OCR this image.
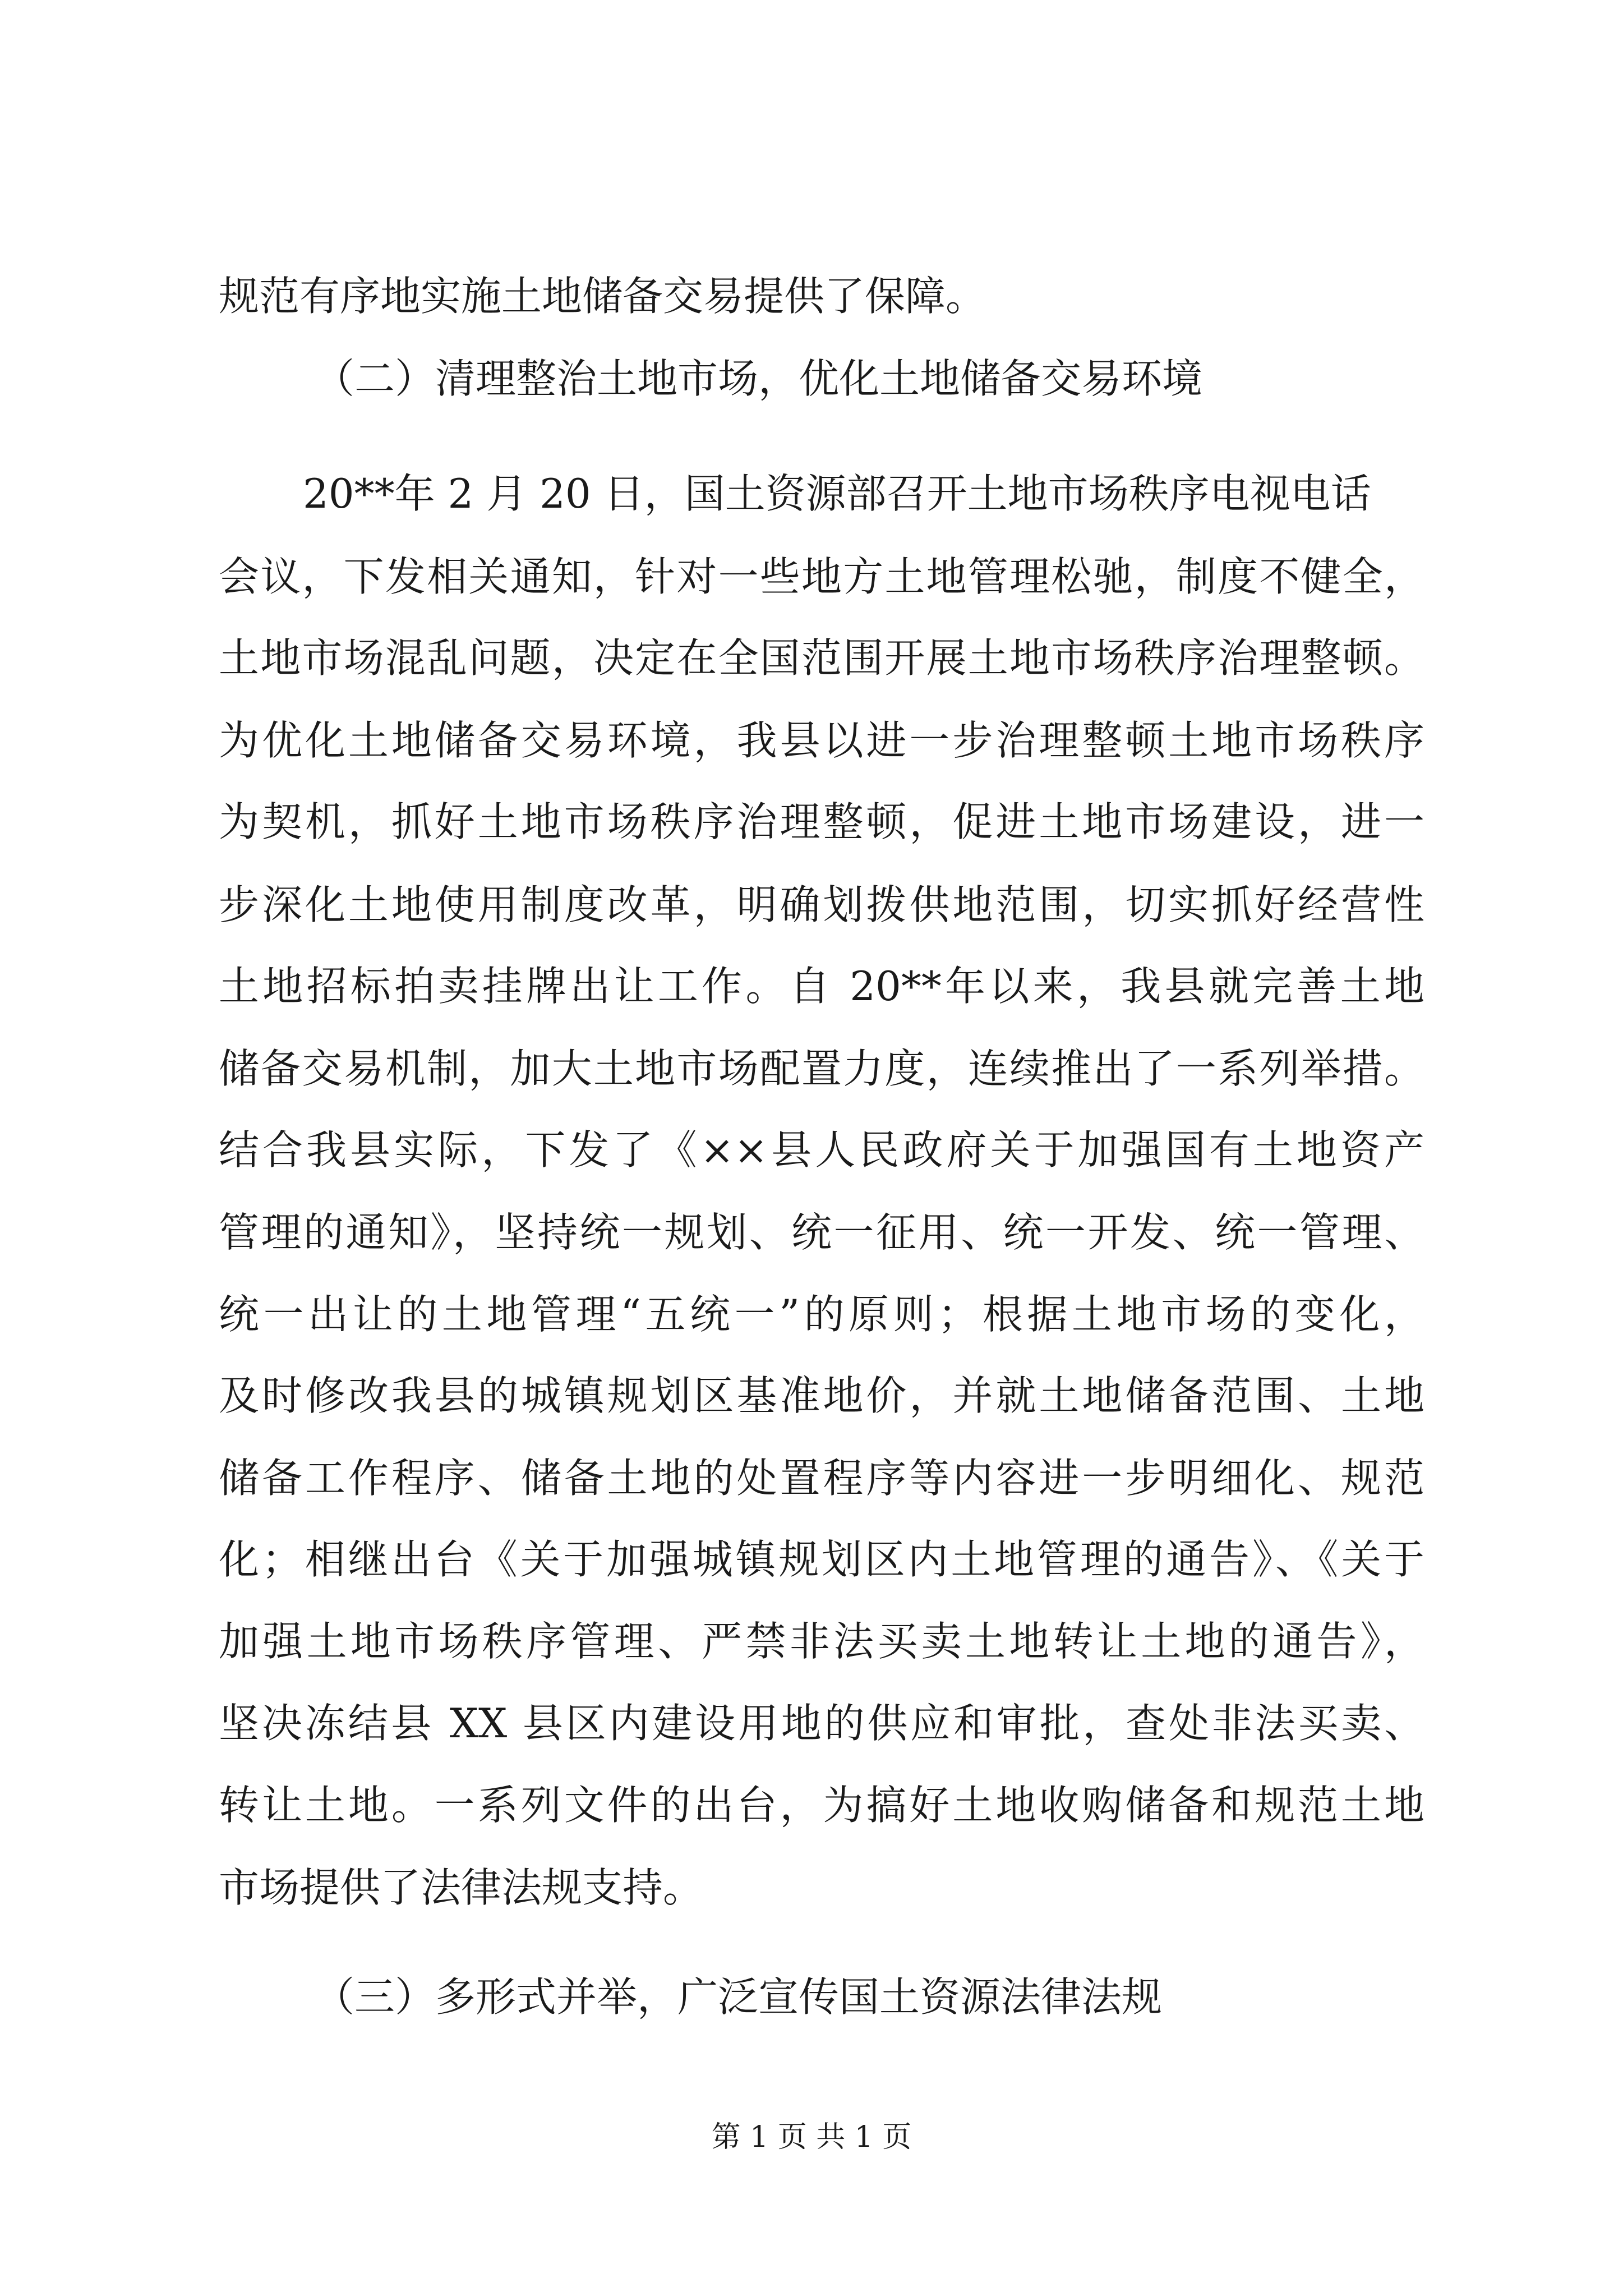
规范有序地实施土地储备交易提供了保障。
（二）清理整治土地市场，优化土地储备交易环境
20**年 2 月 20 日，国土资源部召开土地市场秩序电视电话
会议，下发相关通知，针对一些地方土地管理松驰，制度不健全，
土地市场混乱问题，决定在全国范围开展土地市场秩序治理整顿。
为优化土地储备交易环境，我县以进一步治理整顿土地市场秩序
为契机，抓好土地市场秩序治理整顿，促进土地市场建设，进一
步深化土地使用制度改革，明确划拨供地范围，切实抓好经营性
土地招标拍卖挂牌出让工作。自 20**年以来，我县就完善土地
储备交易机制，加大土地市场配置力度，连续推出了一系列举措。
结合我县实际，下发了《××县人民政府关于加强国有土地资产
管理的通知》，坚持统一规划、统一征用、统一开发、统一管理、
统一出让的土地管理“五统一”的原则；根据土地市场的变化，
及时修改我县的城镇规划区基准地价，并就土地储备范围、土地
储备工作程序、储备土地的处置程序等内容进一步明细化、规范
化；相继出台《关于加强城镇规划区内土地管理的通告》、《关于
加强土地市场秩序管理、严禁非法买卖土地转让土地的通告》，
坚决冻结县 XX 县区内建设用地的供应和审批，查处非法买卖、
转让土地。一系列文件的出台，为搞好土地收购储备和规范土地
市场提供了法律法规支持。
（三）多形式并举，广泛宣传国土资源法律法规
第 1 页 共 1 页
